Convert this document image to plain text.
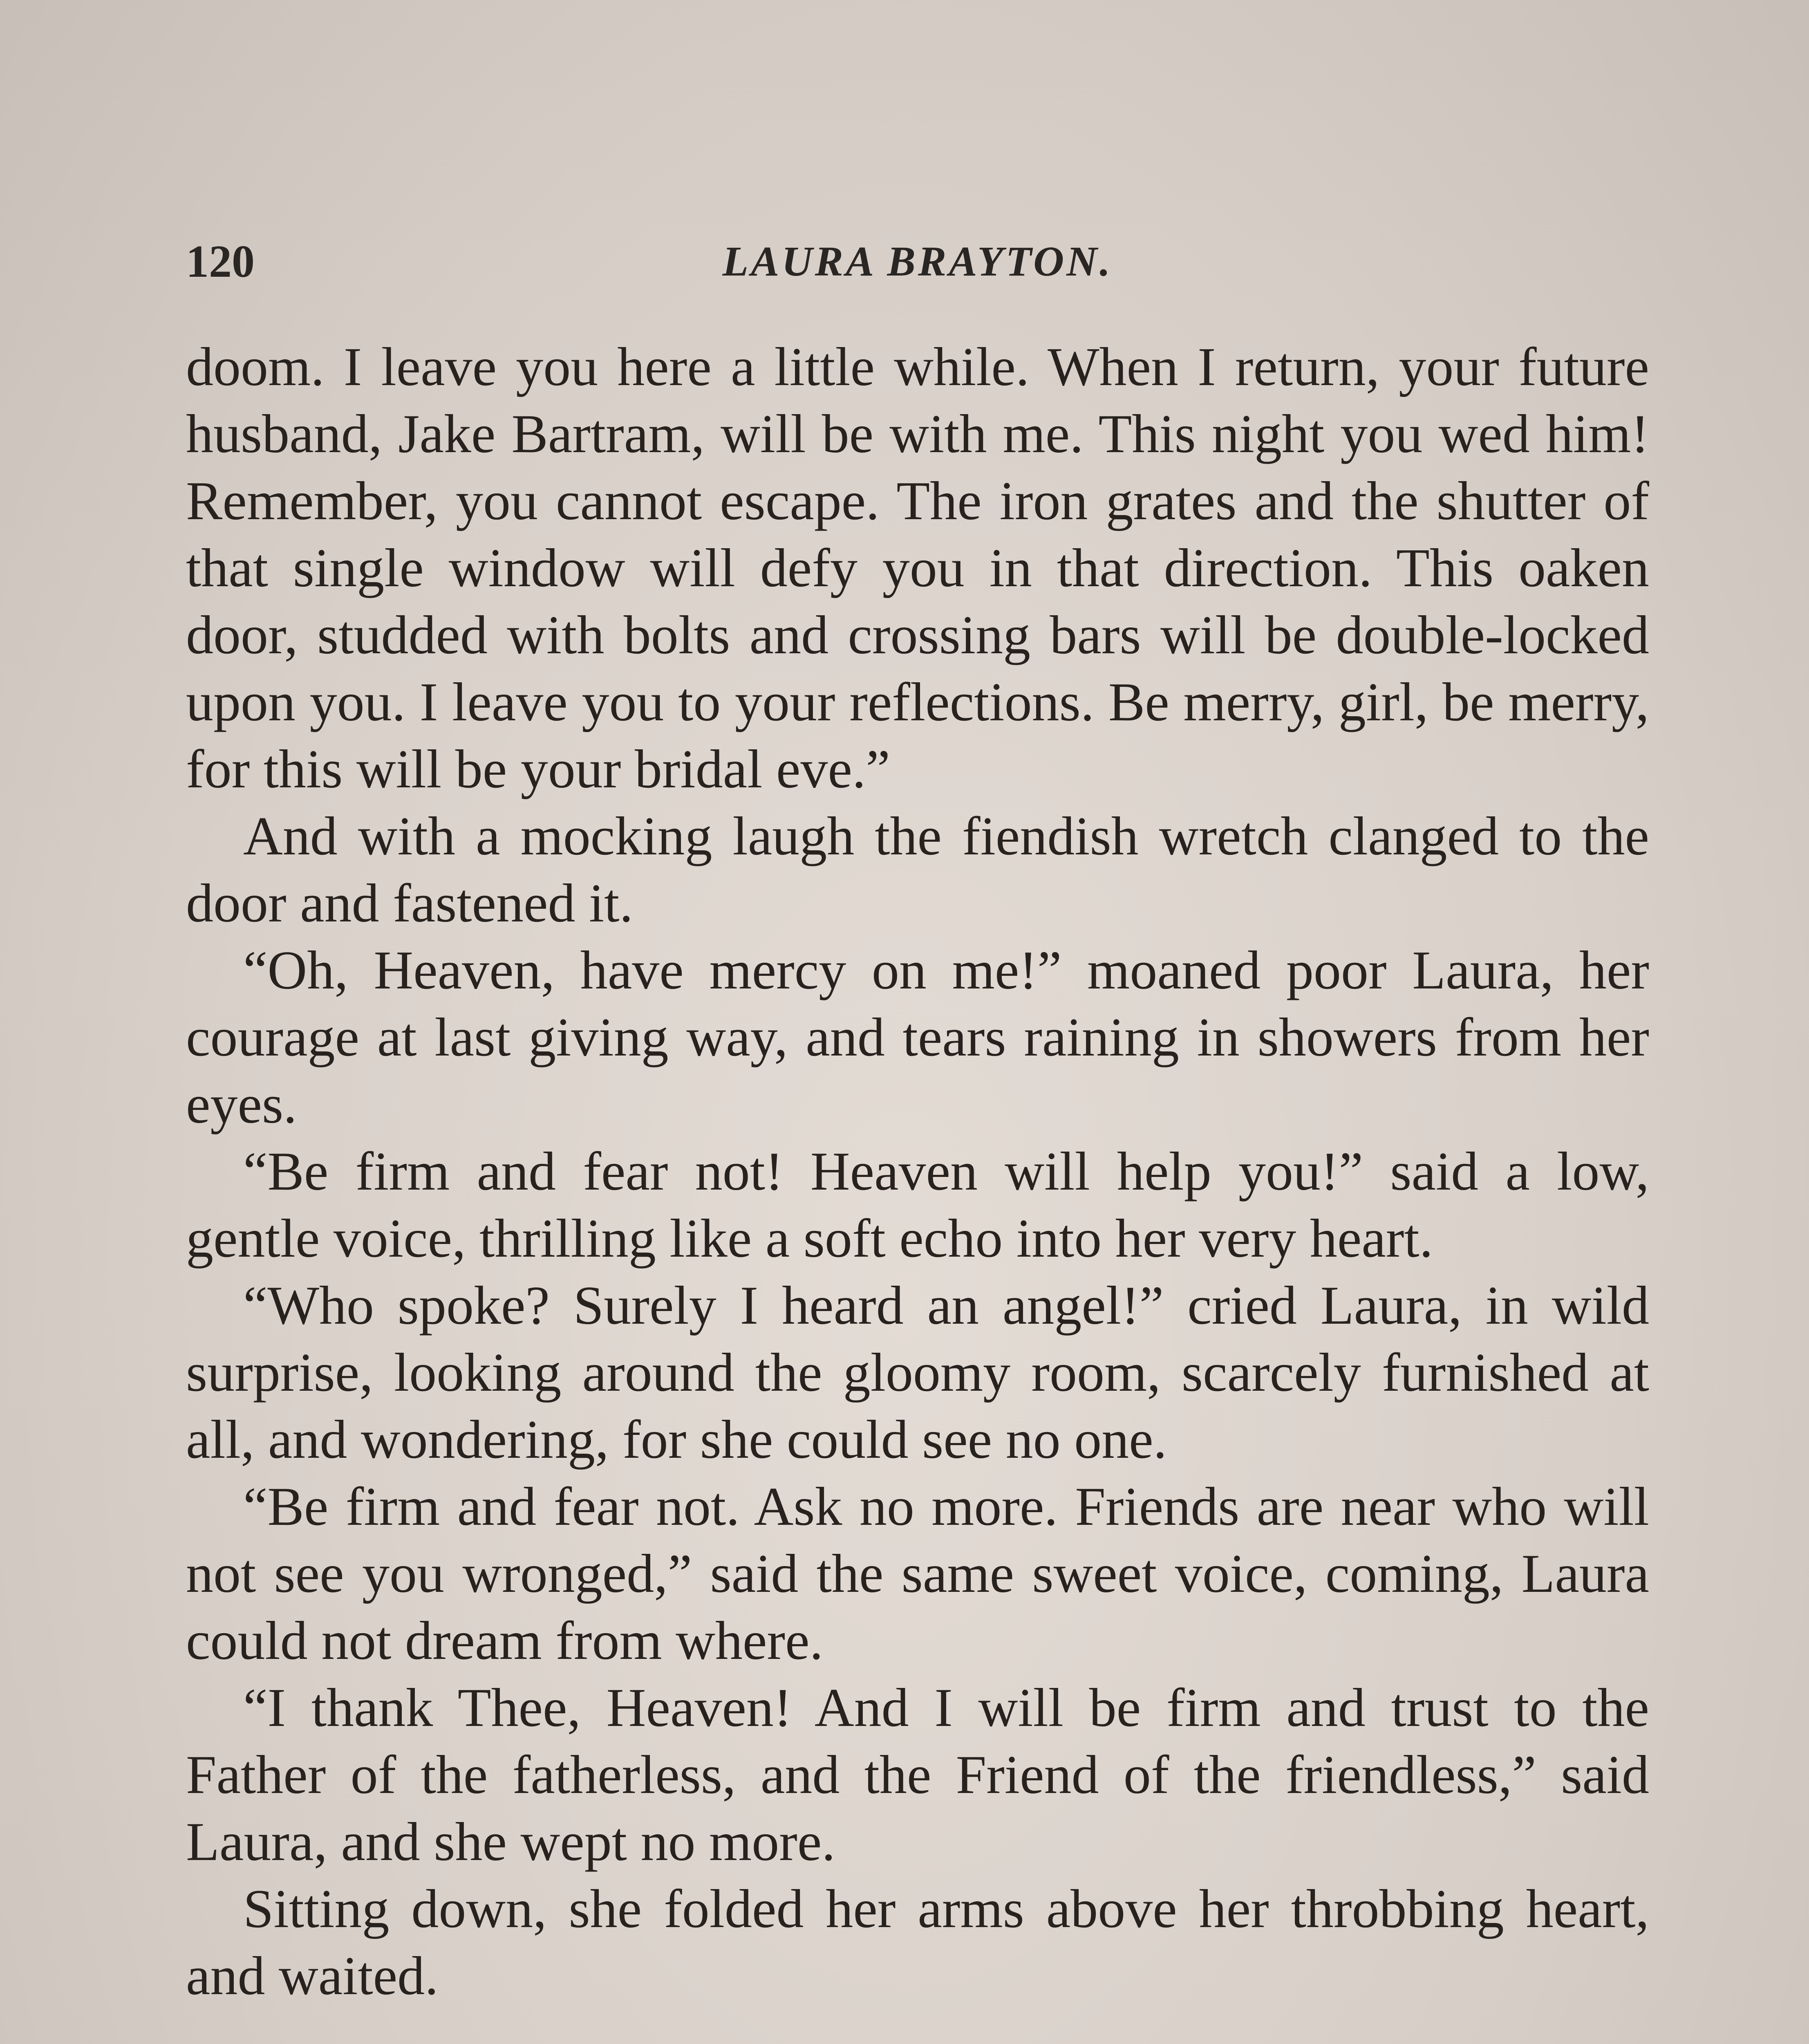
120	LAURA BRAYTON.

doom. I leave you here a little while. When I return, your future husband, Jake Bartram, will be with me. This night you wed him! Remember, you cannot escape. The iron grates and the shutter of that single window will defy you in that direction. This oaken door, studded with bolts and crossing bars will be double-locked upon you. I leave you to your reflections. Be merry, girl, be merry, for this will be your bridal eve.”

And with a mocking laugh the fiendish wretch clanged to the door and fastened it.

“Oh, Heaven, have mercy on me!” moaned poor Laura, her courage at last giving way, and tears raining in showers from her eyes.

“Be firm and fear not! Heaven will help you!” said a low, gentle voice, thrilling like a soft echo into her very heart.

“Who spoke? Surely I heard an angel!” cried Laura, in wild surprise, looking around the gloomy room, scarcely furnished at all, and wondering, for she could see no one.

“Be firm and fear not. Ask no more. Friends are near who will not see you wronged,” said the same sweet voice, coming, Laura could not dream from where.

“I thank Thee, Heaven! And I will be firm and trust to the Father of the fatherless, and the Friend of the friendless,” said Laura, and she wept no more.

Sitting down, she folded her arms above her throbbing heart, and waited.
